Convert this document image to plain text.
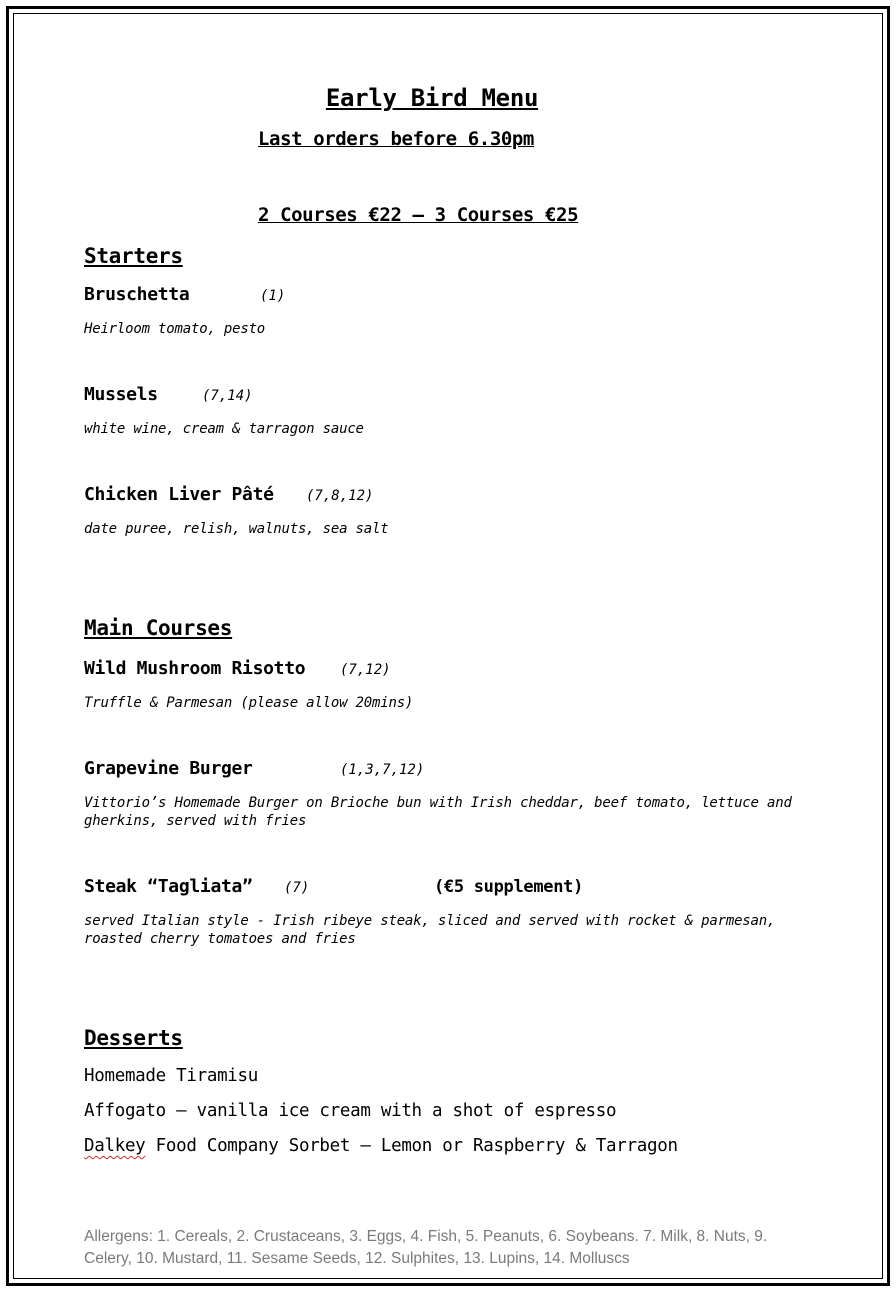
Early Bird Menu
Last orders before 6.30pm
2 Courses €22 – 3 Courses €25
Starters
Bruschetta	(1)
Heirloom tomato, pesto
Mussels	(7,14)
white wine, cream & tarragon sauce
Chicken Liver Pâté (7,8,12)
date puree, relish, walnuts, sea salt
Main Courses
Wild Mushroom Risotto (7,12)
Truffle & Parmesan (please allow 20mins)
Grapevine Burger	(1,3,7,12)
Vittorio’s Homemade Burger on Brioche bun with Irish cheddar, beef tomato, lettuce and gherkins, served with fries
Steak “Tagliata” (7)	(€5 supplement)
served Italian style - Irish ribeye steak, sliced and served with rocket & parmesan, roasted cherry tomatoes and fries
Desserts
Homemade Tiramisu
Affogato – vanilla ice cream with a shot of espresso
Dalkey Food Company Sorbet – Lemon or Raspberry & Tarragon
Allergens: 1. Cereals, 2. Crustaceans, 3. Eggs, 4. Fish, 5. Peanuts, 6. Soybeans. 7. Milk, 8. Nuts, 9. Celery, 10. Mustard, 11. Sesame Seeds, 12. Sulphites, 13. Lupins, 14. Molluscs
